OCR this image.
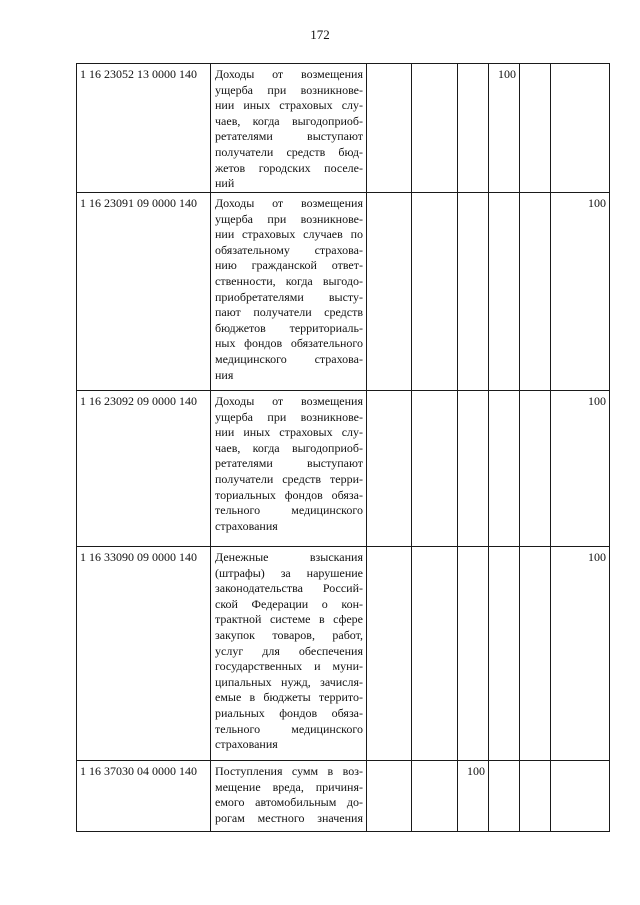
172
1 16 23052 13 0000 140 Доходы от возмещения
ущерба при возникнове-
нии иных страховых слу-
чаев, когда выгодоприоб-
ретателями выступают
получатели средств бюд-
жетов городских поселе-
ний
100
1 16 23091 09 0000 140 Доходы от возмещения
ущерба при возникнове-
нии страховых случаев по
обязательному страхова-
нию гражданской ответ-
ственности, когда выгодо-
приобретателями высту-
пают получатели средств
бюджетов территориаль-
ных фондов обязательного
медицинского страхова-
ния
100
1 16 23092 09 0000 140 Доходы от возмещения
ущерба при возникнове-
нии иных страховых слу-
чаев, когда выгодоприоб-
ретателями выступают
получатели средств терри-
ториальных фондов обяза-
тельного медицинского
страхования
100
1 16 33090 09 0000 140 Денежные взыскания
(штрафы) за нарушение
законодательства Россий-
ской Федерации о кон-
трактной системе в сфере
закупок товаров, работ,
услуг для обеспечения
государственных и муни-
ципальных нужд, зачисля-
емые в бюджеты террито-
риальных фондов обяза-
тельного медицинского
страхования
100
1 16 37030 04 0000 140 Поступления сумм в воз-
мещение вреда, причиня-
емого автомобильным до-
рогам местного значения
100
